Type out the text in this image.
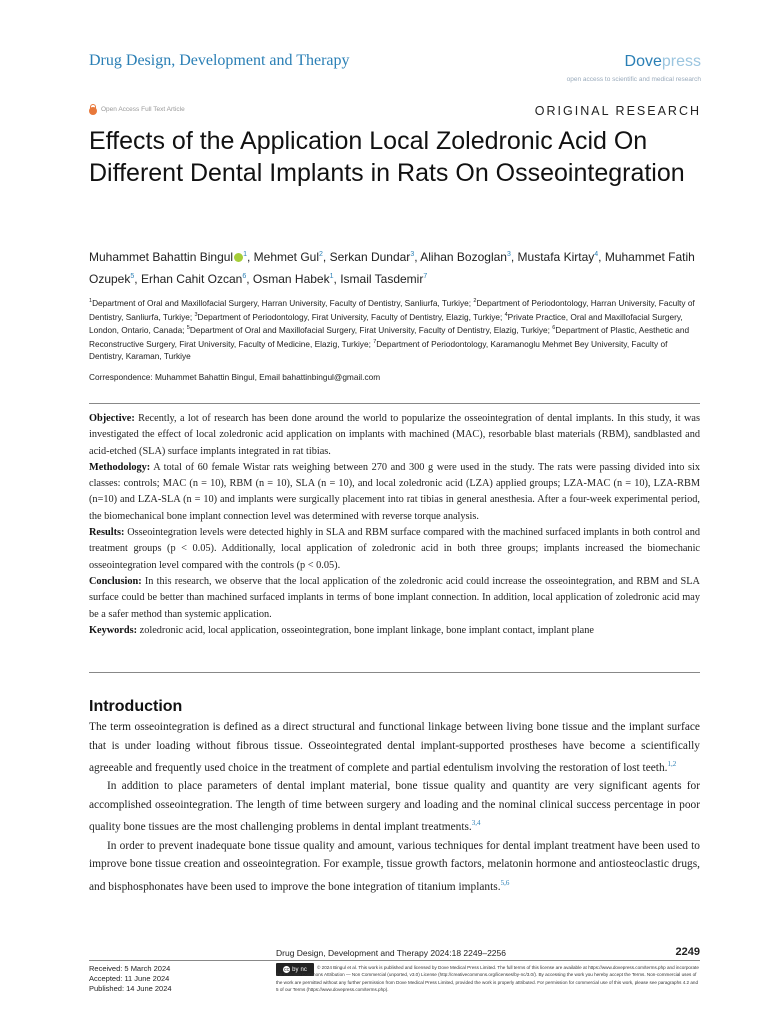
Drug Design, Development and Therapy	Dovepress
open access to scientific and medical research
Open Access Full Text Article	ORIGINAL RESEARCH
Effects of the Application Local Zoledronic Acid On Different Dental Implants in Rats On Osseointegration
Muhammet Bahattin Bingul $^1$, Mehmet Gul$^2$, Serkan Dundar$^3$, Alihan Bozoglan$^3$, Mustafa Kirtay$^4$, Muhammet Fatih Ozupek$^5$, Erhan Cahit Ozcan$^6$, Osman Habek$^1$, Ismail Tasdemir$^7$
$^1$Department of Oral and Maxillofacial Surgery, Harran University, Faculty of Dentistry, Sanliurfa, Turkiye; $^2$Department of Periodontology, Harran University, Faculty of Dentistry, Sanliurfa, Turkiye; $^3$Department of Periodontology, Firat University, Faculty of Dentistry, Elazig, Turkiye; $^4$Private Practice, Oral and Maxillofacial Surgery, London, Ontario, Canada; $^5$Department of Oral and Maxillofacial Surgery, Firat University, Faculty of Dentistry, Elazig, Turkiye; $^6$Department of Plastic, Aesthetic and Reconstructive Surgery, Firat University, Faculty of Medicine, Elazig, Turkiye; $^7$Department of Periodontology, Karamanoglu Mehmet Bey University, Faculty of Dentistry, Karaman, Turkiye
Correspondence: Muhammet Bahattin Bingul, Email bahattinbingul@gmail.com

Objective: Recently, a lot of research has been done around the world to popularize the osseointegration of dental implants. In this study, it was investigated the effect of local zoledronic acid application on implants with machined (MAC), resorbable blast materials (RBM), sandblasted and acid-etched (SLA) surface implants integrated in rat tibias.

Methodology: A total of 60 female Wistar rats weighing between 270 and 300 g were used in the study. The rats were passing divided into six classes: controls; MAC (n = 10), RBM (n = 10), SLA (n = 10), and local zoledronic acid (LZA) applied groups; LZA-MAC (n = 10), LZA-RBM (n=10) and LZA-SLA (n = 10) and implants were surgically placement into rat tibias in general anesthesia. After a four-week experimental period, the biomechanical bone implant connection level was determined with reverse torque analysis.

Results: Osseointegration levels were detected highly in SLA and RBM surface compared with the machined surfaced implants in both control and treatment groups (p < 0.05). Additionally, local application of zoledronic acid in both three groups; implants increased the biomechanic osseointegration level compared with the controls (p < 0.05).

Conclusion: In this research, we observe that the local application of the zoledronic acid could increase the osseointegration, and RBM and SLA surface could be better than machined surfaced implants in terms of bone implant connection. In addition, local application of zoledronic acid may be a safer method than systemic application.

Keywords: zoledronic acid, local application, osseointegration, bone implant linkage, bone implant contact, implant plane

Introduction

The term osseointegration is defined as a direct structural and functional linkage between living bone tissue and the implant surface that is under loading without fibrous tissue. Osseointegrated dental implant-supported prostheses have become a scientifically agreeable and frequently used choice in the treatment of complete and partial edentulism involving the restoration of lost teeth.$^{1,2}$

In addition to place parameters of dental implant material, bone tissue quality and quantity are very significant agents for accomplished osseointegration. The length of time between surgery and loading and the nominal clinical success percentage in poor quality bone tissues are the most challenging problems in dental implant treatments.$^{3,4}$

In order to prevent inadequate bone tissue quality and amount, various techniques for dental implant treatment have been used to improve bone tissue creation and osseointegration. For example, tissue growth factors, melatonin hormone and antiosteoclastic drugs, and bisphosphonates have been used to improve the bone integration of titanium implants.$^{5,6}$

Drug Design, Development and Therapy 2024:18 2249–2256	2249
Received: 5 March 2024
Accepted: 11 June 2024
Published: 14 June 2024
cc by nc	© 2024 Bingul et al. This work is published and licensed by Dove Medical Press Limited. The full terms of this license are available at https://www.dovepress.com/terms.php and incorporate the Creative Commons Attribution — Non Commercial (unported, v3.0) License (http://creativecommons.org/licenses/by-nc/3.0/). By accessing the work you hereby accept the Terms. Non-commercial uses of the work are permitted without any further permission from Dove Medical Press Limited, provided the work is properly attributed. For permission for commercial use of this work, please see paragraphs 4.2 and 5 of our Terms (https://www.dovepress.com/terms.php).
